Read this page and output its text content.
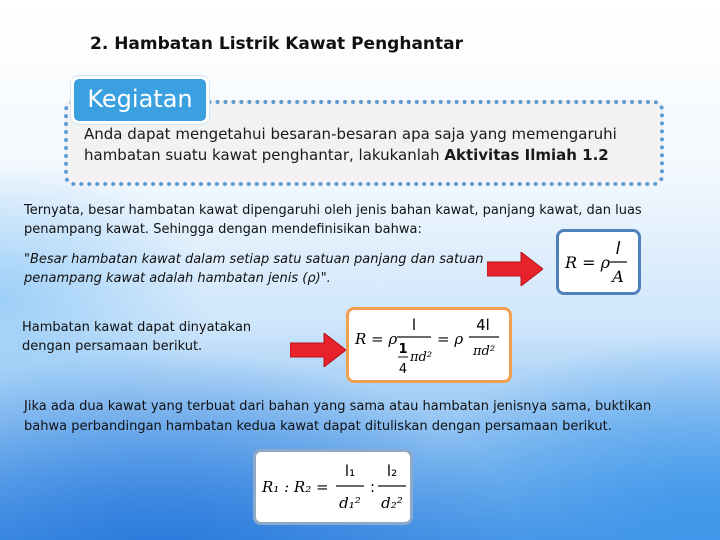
2. Hambatan Listrik Kawat Penghantar
Kegiatan
Anda dapat mengetahui besaran-besaran apa saja yang memengaruhi hambatan suatu kawat penghantar, lakukanlah Aktivitas Ilmiah 1.2
Ternyata, besar hambatan kawat dipengaruhi oleh jenis bahan kawat, panjang kawat, dan luas penampang kawat. Sehingga dengan mendefinisikan bahwa:
"Besar hambatan kawat dalam setiap satu satuan panjang dan satuan penampang kawat adalah hambatan jenis (ρ)".
R = ρ
l
A
Hambatan kawat dapat dinyatakan dengan persamaan berikut.	R = ρ
l
1
πd²
4
= ρ
4l
πd²
Jika ada dua kawat yang terbuat dari bahan yang sama atau hambatan jenisnya sama, buktikan bahwa perbandingan hambatan kedua kawat dapat dituliskan dengan persamaan berikut.
R₁ : R₂ =
l₁
d₁²
:
l₂
d₂²
